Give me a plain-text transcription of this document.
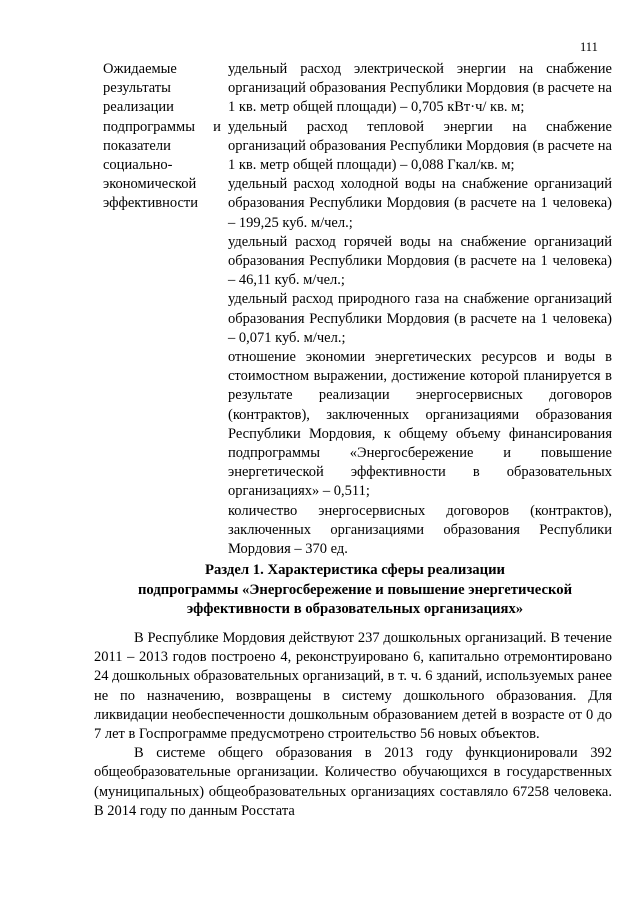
111
Ожидаемые
результаты
реализации
подпрограммы     и
показатели
социально-
экономической
эффективности

удельный расход электрической энергии на снабжение организаций образования Республики Мордовия (в расчете на 1 кв. метр общей площади) – 0,705 кВт·ч/ кв. м;

удельный расход тепловой энергии на снабжение организаций образования Республики Мордовия (в расчете на 1 кв. метр общей площади) – 0,088 Гкал/кв. м;

удельный расход холодной воды на снабжение организаций образования Республики Мордовия (в расчете на 1 человека) – 199,25 куб. м/чел.;

удельный расход горячей воды на снабжение организаций образования Республики Мордовия (в расчете на 1 человека) – 46,11 куб. м/чел.;

удельный расход природного газа на снабжение организаций образования Республики Мордовия (в расчете на 1 человека) – 0,071 куб. м/чел.;

отношение экономии энергетических ресурсов и воды в стоимостном выражении, достижение которой планируется в результате реализации энергосервисных договоров (контрактов), заключенных организациями образования Республики Мордовия, к общему объему финансирования подпрограммы «Энергосбережение и повышение энергетической эффективности в образовательных организациях» – 0,511;

количество энергосервисных договоров (контрактов), заключенных организациями образования Республики Мордовия – 370 ед.

Раздел 1. Характеристика сферы реализации
подпрограммы «Энергосбережение и повышение энергетической
эффективности в образовательных организациях»

В Республике Мордовия действуют 237 дошкольных организаций. В течение 2011 – 2013 годов построено 4, реконструировано 6, капитально отремонтировано 24 дошкольных образовательных организаций, в т. ч. 6 зданий, используемых ранее не по назначению, возвращены в систему дошкольного образования. Для ликвидации необеспеченности дошкольным образованием детей в возрасте от 0 до 7 лет в Госпрограмме предусмотрено строительство 56 новых объектов.

В системе общего образования в 2013 году функционировали 392 общеобразовательные организации. Количество обучающихся в государственных (муниципальных) общеобразовательных организациях составляло 67258 человека. В 2014 году по данным Росстата
